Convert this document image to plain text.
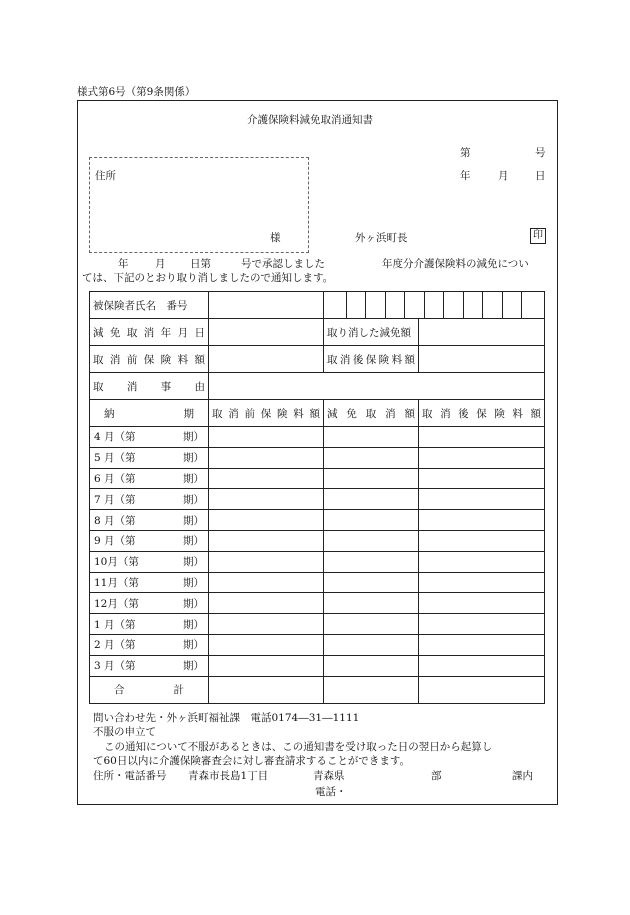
様式第6号（第9条関係）
介護保険料減免取消通知書
第	号
年	月	日
住所
様	外ヶ浜町長	印
年	月 日第	号で承認しました	年度分介護保険料の減免につい
ては、下記のとおり取り消しましたので通知します。
被保険者氏名　番号		

減免取消年月日		取り消した減免額	
取消前保険料額		取消後保険料額	
取消事由	
納期	取消前保険料額	減免取消額	取消後保険料額

4 月（第	期）

5 月（第	期）

6 月（第	期）

7 月（第	期）

8 月（第	期）

9 月（第	期）

10月（第	期）

11月（第	期）

12月（第	期）

1 月（第	期）

2 月（第	期）

3 月（第	期）

合計			
問い合わせ先・外ヶ浜町福祉課　電話0174―31―1111
不服の申立て
この通知について不服があるときは、この通知書を受け取った日の翌日から起算し
て60日以内に介護保険審査会に対し審査請求することができます。
住所・電話番号 青森市長島1丁目	青森県	部	課内
電話・
